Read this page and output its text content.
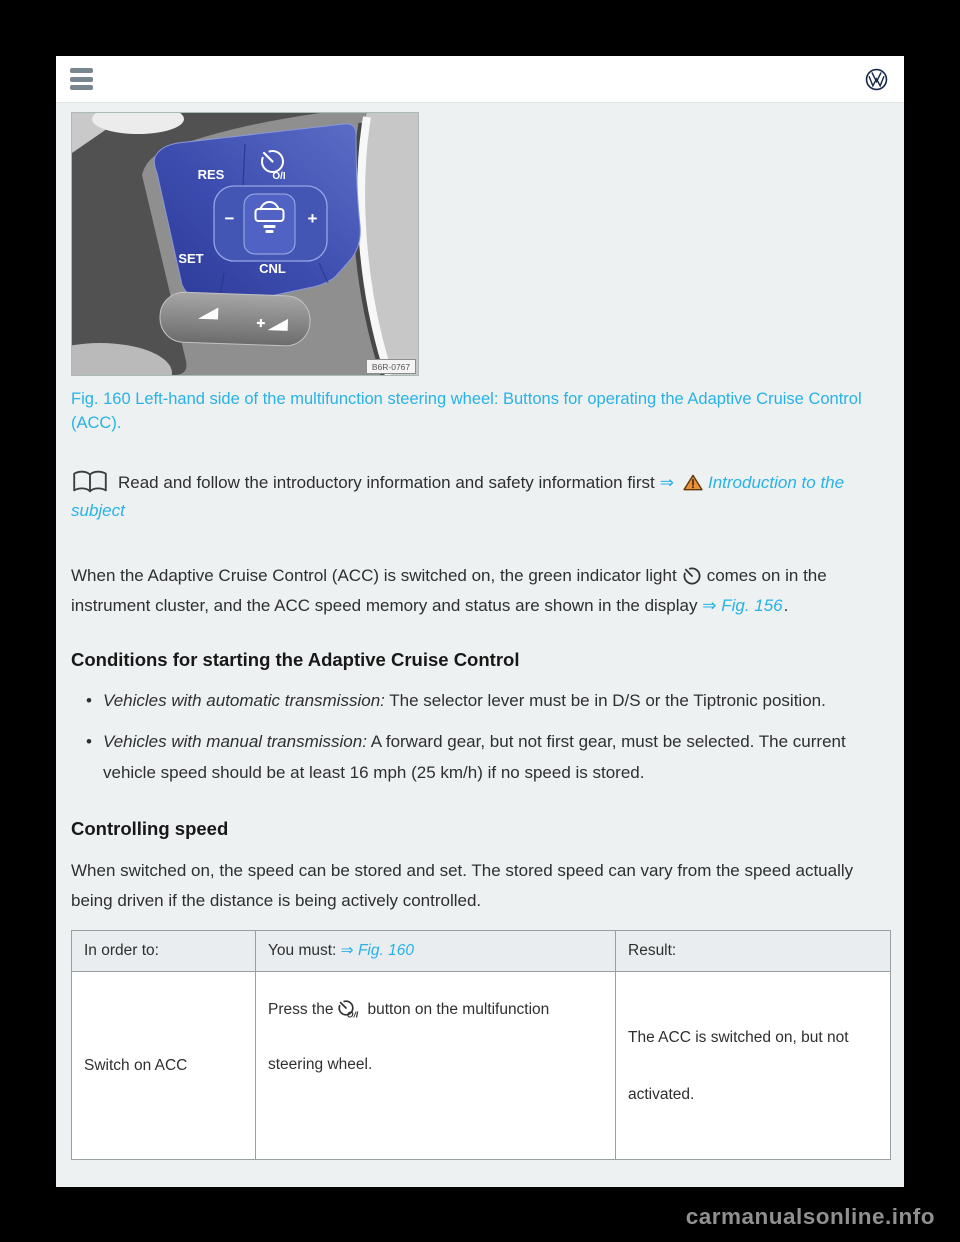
−	+
O/I
RES
SET
CNL
B6R-0767

Fig. 160 Left-hand side of the multifunction steering wheel: Buttons for operating the Adaptive Cruise Control (ACC).

Read and follow the introductory information and safety information first ⇒ Introduction to the subject

When the Adaptive Cruise Control (ACC) is switched on, the green indicator light comes on in the instrument cluster, and the ACC speed memory and status are shown in the display ⇒ Fig. 156.

Conditions for starting the Adaptive Cruise Control
• Vehicles with automatic transmission: The selector lever must be in D/S or the Tiptronic position.
• Vehicles with manual transmission: A forward gear, but not first gear, must be selected. The current vehicle speed should be at least 16 mph (25 km/h) if no speed is stored.
Controlling speed

When switched on, the speed can be stored and set. The stored speed can vary from the speed actually being driven if the distance is being actively controlled.

In order to:	You must: ⇒ Fig. 160	Result:
Switch on ACC	Press the O/I button on the multifunction steering wheel.	The ACC is switched on, but not activated.
carmanualsonline.info
